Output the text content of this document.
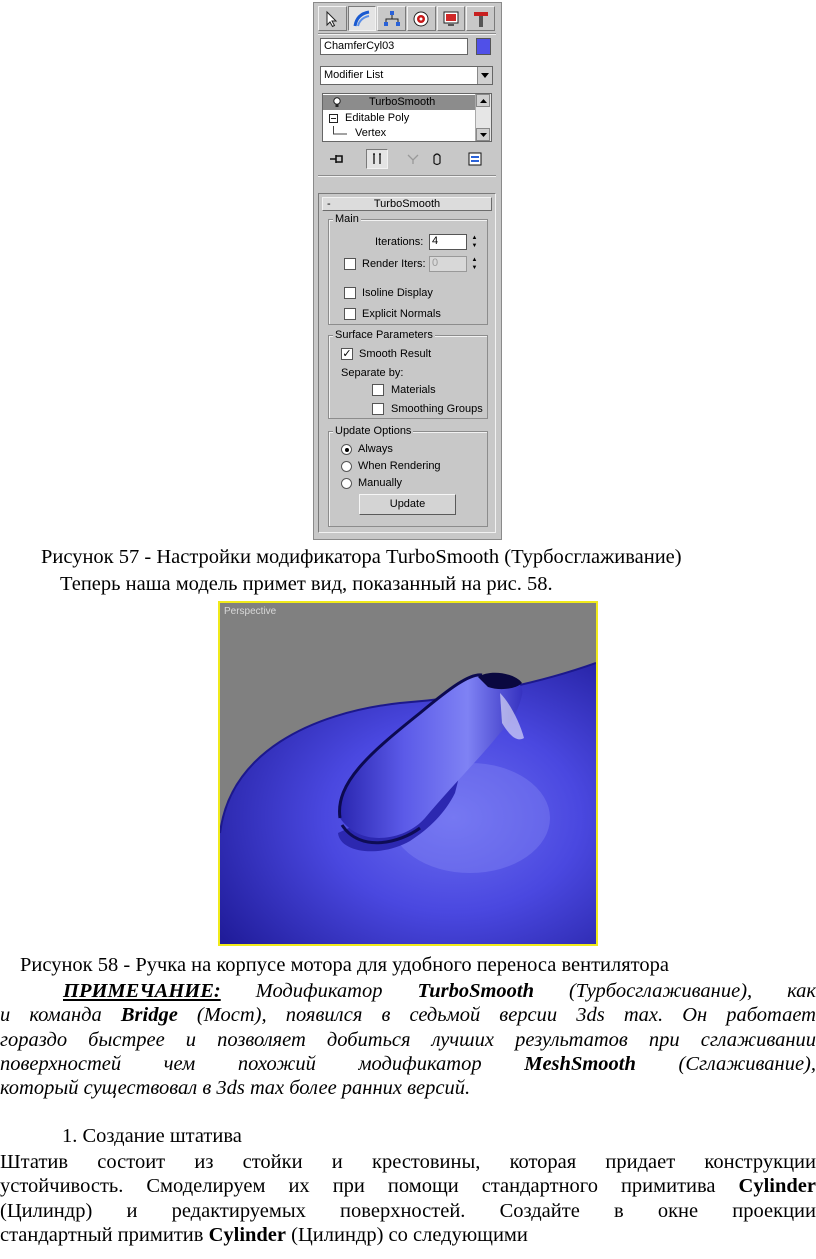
ChamferCyl03
Modifier List
TurboSmooth
Editable Poly
Vertex
-	TurboSmooth
Main
Iterations: 4	▲
▼
Render Iters: 0	▲
▼
Isoline Display
Explicit Normals
Surface Parameters
✓ Smooth Result
Separate by:
Materials
Smoothing Groups
Update Options
Always
When Rendering
Manually
Update
Рисунок 57 - Настройки модификатора TurboSmooth (Турбосглаживание)
Теперь наша модель примет вид, показанный на рис. 58.
Perspective
Рисунок 58 - Ручка на корпусе мотора для удобного переноса вентилятора
ПРИМЕЧАНИЕ: Модификатор TurboSmooth (Турбосглаживание), как
и команда Bridge (Мост), появился в седьмой версии 3ds max. Он работает
гораздо быстрее и позволяет добиться лучших результатов при сглаживании
поверхностей чем похожий модификатор MeshSmooth (Сглаживание),
который существовал в 3ds max более ранних версий.
1. Создание штатива
Штатив состоит из стойки и крестовины, которая придает конструкции
устойчивость. Смоделируем их при помощи стандартного примитива Cylinder
(Цилиндр) и редактируемых поверхностей. Создайте в окне проекции
стандартный примитив Cylinder (Цилиндр) со следующими
